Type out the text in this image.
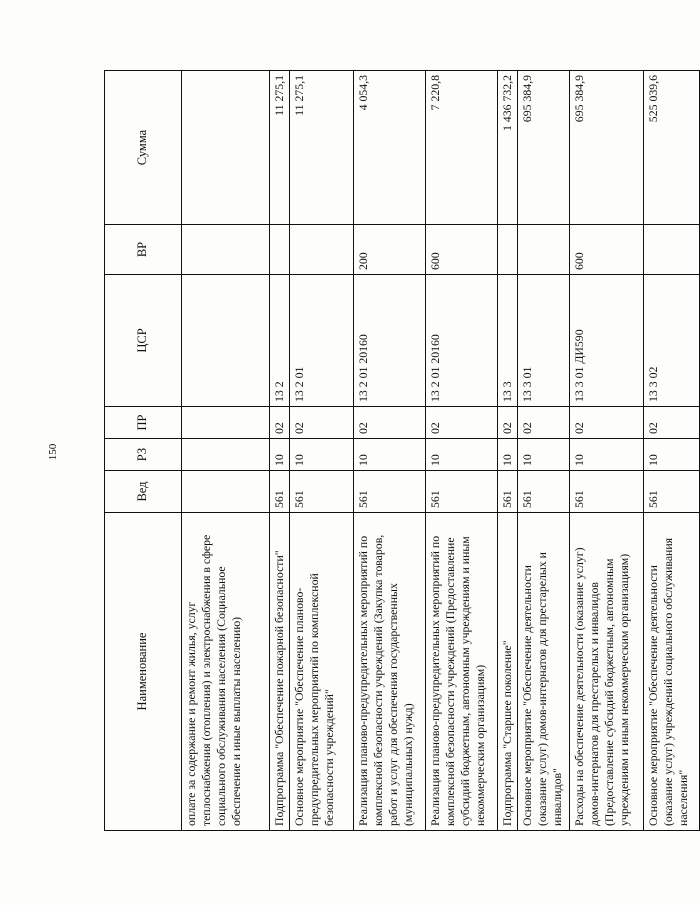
150
Наименование	Вед	РЗ	ПР	ЦСР	ВР	Сумма
оплате за содержание и ремонт жилья, услуг теплоснабжения (отопления) и электроснабжения в сфере социального обслуживания населения (Социальное обеспечение и иные выплаты населению)						
Подпрограмма "Обеспечение пожарной безопасности"	561	10	02	13 2		11 275,1
Основное мероприятие "Обеспечение планово-предупредительных мероприятий по комплексной безопасности учреждений"	561	10	02	13 2 01		11 275,1
Реализация планово-предупредительных мероприятий по комплексной безопасности учреждений (Закупка товаров, работ и услуг для обеспечения государственных (муниципальных) нужд)	561	10	02	13 2 01 20160	200	4 054,3
Реализация планово-предупредительных мероприятий по комплексной безопасности учреждений (Предоставление субсидий бюджетным, автономным учреждениям и иным некоммерческим организациям)	561	10	02	13 2 01 20160	600	7 220,8
Подпрограмма "Старшее поколение"	561	10	02	13 3		1 436 732,2
Основное мероприятие "Обеспечение деятельности (оказание услуг) домов-интернатов для престарелых и инвалидов"	561	10	02	13 3 01		695 384,9
Расходы на обеспечение деятельности (оказание услуг) домов-интернатов для престарелых и инвалидов (Предоставление субсидий бюджетным, автономным учреждениям и иным некоммерческим организациям)	561	10	02	13 3 01 ДИ590	600	695 384,9
Основное мероприятие "Обеспечение деятельности (оказание услуг) учреждений социального обслуживания населения"	561	10	02	13 3 02		525 039,6
